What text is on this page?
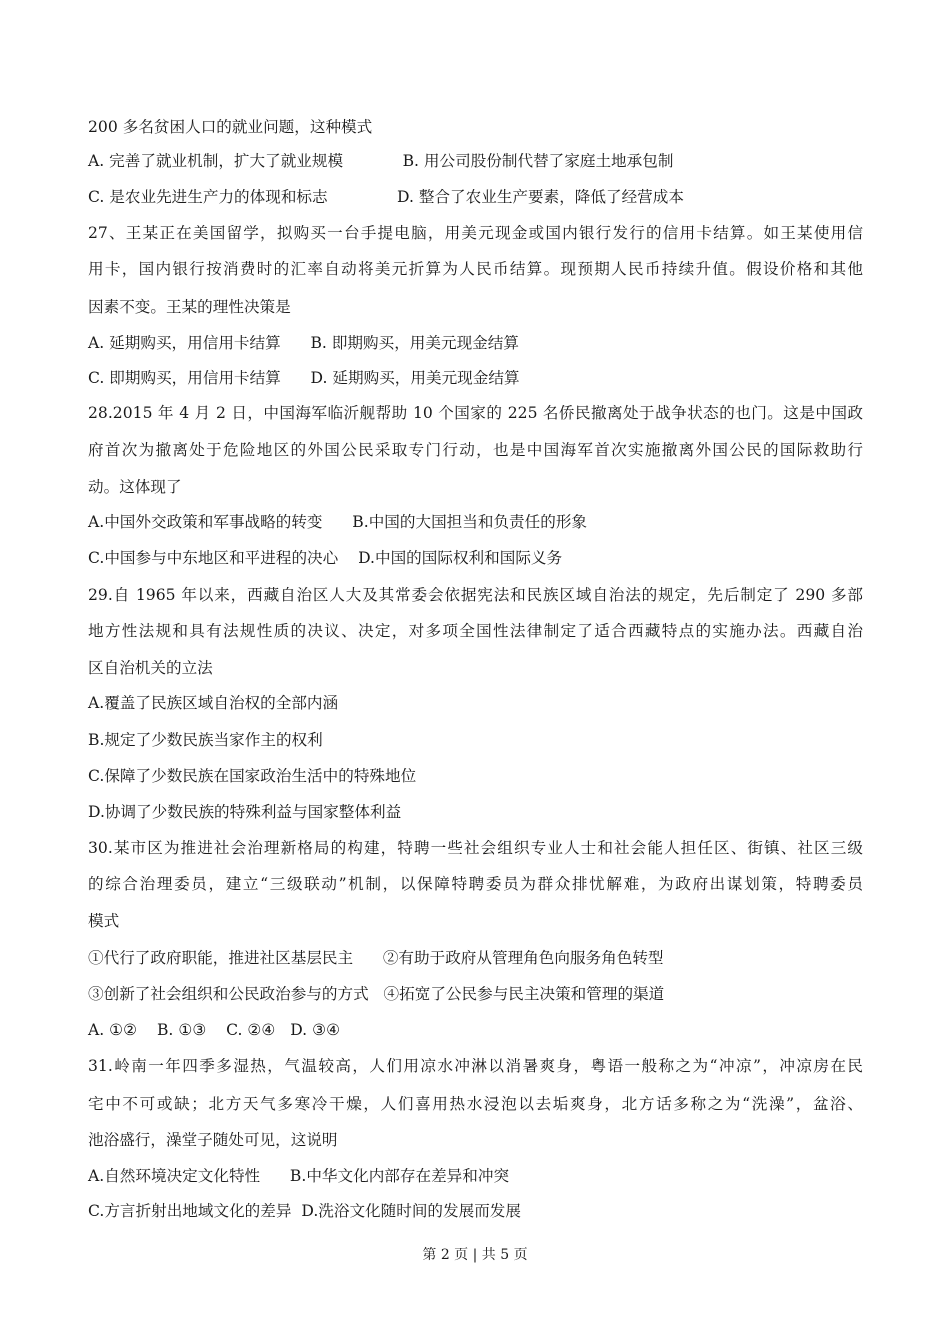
200 多名贫困人口的就业问题，这种模式
A. 完善了就业机制，扩大了就业规模            B. 用公司股份制代替了家庭土地承包制
C. 是农业先进生产力的体现和标志              D. 整合了农业生产要素，降低了经营成本
27、王某正在美国留学，拟购买一台手提电脑，用美元现金或国内银行发行的信用卡结算。如王某使用信
用卡，国内银行按消费时的汇率自动将美元折算为人民币结算。现预期人民币持续升值。假设价格和其他
因素不变。王某的理性决策是
A. 延期购买，用信用卡结算      B. 即期购买，用美元现金结算
C. 即期购买，用信用卡结算      D. 延期购买，用美元现金结算
28.2015 年 4 月 2 日，中国海军临沂舰帮助 10 个国家的 225 名侨民撤离处于战争状态的也门。这是中国政
府首次为撤离处于危险地区的外国公民采取专门行动，也是中国海军首次实施撤离外国公民的国际救助行
动。这体现了
A.中国外交政策和军事战略的转变      B.中国的大国担当和负责任的形象
C.中国参与中东地区和平进程的决心    D.中国的国际权利和国际义务
29.自 1965 年以来，西藏自治区人大及其常委会依据宪法和民族区域自治法的规定，先后制定了 290 多部
地方性法规和具有法规性质的决议、决定，对多项全国性法律制定了适合西藏特点的实施办法。西藏自治
区自治机关的立法
A.覆盖了民族区域自治权的全部内涵
B.规定了少数民族当家作主的权利
C.保障了少数民族在国家政治生活中的特殊地位
D.协调了少数民族的特殊利益与国家整体利益
30.某市区为推进社会治理新格局的构建，特聘一些社会组织专业人士和社会能人担任区、街镇、社区三级
的综合治理委员，建立“三级联动”机制，以保障特聘委员为群众排忧解难，为政府出谋划策，特聘委员
模式
①代行了政府职能，推进社区基层民主      ②有助于政府从管理角色向服务角色转型
③创新了社会组织和公民政治参与的方式   ④拓宽了公民参与民主决策和管理的渠道
A. ①②    B. ①③    C. ②④   D. ③④
31.岭南一年四季多湿热，气温较高，人们用凉水冲淋以消暑爽身，粤语一般称之为“冲凉”，冲凉房在民
宅中不可或缺；北方天气多寒冷干燥，人们喜用热水浸泡以去垢爽身，北方话多称之为“洗澡”，盆浴、
池浴盛行，澡堂子随处可见，这说明
A.自然环境决定文化特性      B.中华文化内部存在差异和冲突
C.方言折射出地域文化的差异  D.洗浴文化随时间的发展而发展
第 2 页 | 共 5 页
